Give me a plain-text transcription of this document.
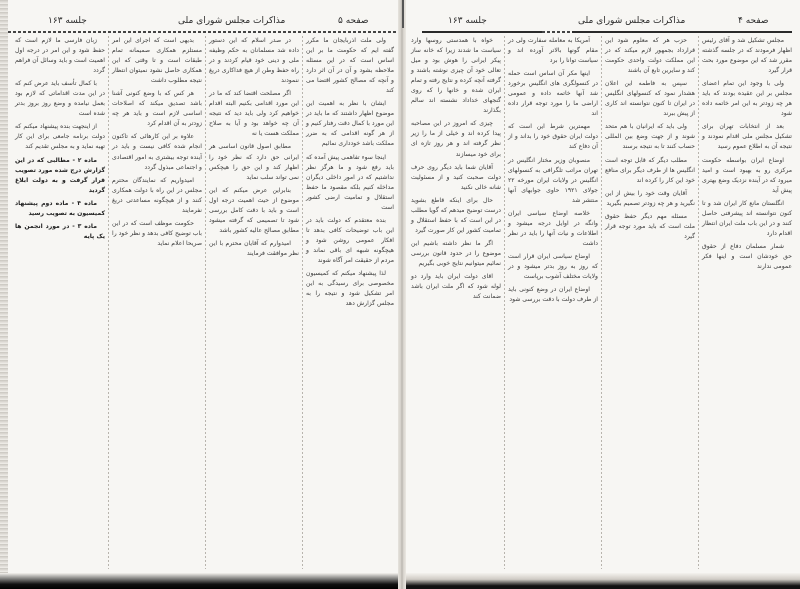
جلسه ۱۶۳	مذاکرات مجلس شورای ملی	صفحه ۵

زبان فارسی ما لازم است که حفظ شود و این امر در درجه اول اهمیت است و باید وسائل آن فراهم گردد

با کمال تأسف باید عرض کنم که در این مدت اقداماتی که لازم بود بعمل نیامده و وضع روز بروز بدتر شده است

از اینجهت بنده پیشنهاد میکنم که دولت برنامه جامعی برای این کار تهیه نماید و به مجلس تقدیم کند

ماده ۲ - مطالبی که در این گزارش درج شده مورد تصویب قرار گرفت و به دولت ابلاغ گردید

ماده ۴ - ماده دوم پیشنهاد کمیسیون به تصویب رسید

ماده ۳ - در مورد انجمن ها یک پایه

بدیهی است که اجرای این امر مستلزم همکاری صمیمانه تمام طبقات است و تا وقتی که این همکاری حاصل نشود نمیتوان انتظار نتیجه مطلوب داشت

هر کس که با وضع کنونی آشنا باشد تصدیق میکند که اصلاحات اساسی لازم است و باید هر چه زودتر به آن اقدام کرد

علاوه بر این کارهائی که تاکنون انجام شده کافی نیست و باید در آینده توجه بیشتری به امور اقتصادی و اجتماعی مبذول گردد

امیدواریم که نمایندگان محترم مجلس در این راه با دولت همکاری کنند و از هیچگونه مساعدتی دریغ نفرمایند

حکومت موظف است که در این باب توضیح کافی بدهد و نظر خود را صریحا اعلام نماید

در صدر اسلام که این دستور داده شد مسلمانان به حکم وظیفه ملی و دینی خود قیام کردند و در راه حفظ وطن از هیچ فداکاری دریغ ننمودند

اگر مصلحت اقتضا کند که ما در این مورد اقدامی بکنیم البته اقدام خواهیم کرد ولی باید دید که نتیجه آن چه خواهد بود و آیا به صلاح مملکت هست یا نه

مطابق اصول قانون اساسی هر ایرانی حق دارد که نظر خود را اظهار کند و این حق را هیچکس نمی تواند سلب نماید

بنابراین عرض میکنم که این موضوع از حیث اهمیت درجه اول است و باید با دقت کامل بررسی شود تا تصمیمی که گرفته میشود مطابق مصالح عالیه کشور باشد

امیدوارم که آقایان محترم با این نظر موافقت فرمایند

ولی ملت اذربایجان ما مکرر گفته ایم که حکومت ما بر این اساس است که در این مسئله ملاحظه بشود و آن در آن اثر دارد و آنچه که مصالح کشور اقتضا می کند

ایشان با نظر به اهمیت این موضوع اظهار داشتند که ما باید در این مورد با کمال دقت رفتار کنیم و از هر گونه اقدامی که به ضرر مملکت باشد خودداری نمائیم

اینجا سوء تفاهمی پیش آمده که باید رفع شود و ما هرگز نظر نداشتیم که در امور داخلی دیگران مداخله کنیم بلکه مقصود ما حفظ استقلال و تمامیت ارضی کشور است

بنده معتقدم که دولت باید در این باب توضیحات کافی بدهد تا افکار عمومی روشن شود و هیچگونه شبهه ای باقی نماند و مردم از حقیقت امر آگاه شوند

لذا پیشنهاد میکنم که کمیسیون مخصوصی برای رسیدگی به این امر تشکیل شود و نتیجه را به مجلس گزارش دهد

جلسه ۱۶۳	مذاکرات مجلس شورای ملی	صفحه ۴

خواه با همدستی روسها وارد سیاست ما شدند زیرا که خانه ساز پیکر ایرانی را هوش بود و میل تعالی خود آن چیزی نوشته باشند و گرفته آنچه کرده و نتایج رفته و تمام ایران شده و خانها را که روی گنجهای خداداد نشسته اند سالم بگذارند

چیزی که امروز در این مصاحبه پیدا کرده اند و خیلی از ما را زیر نظر گرفته اند و هر روز تازه ای برای خود میسازند

آقایان شما باید دیگر روی حرف دولت صحبت کنید و از مسئولیت شانه خالی نکنید

حال برای اینکه قاطع بشوید درست توضیح میدهم که گویا مطلب در این است که با حفظ استقلال و تمامیت کشور این کار صورت گیرد

اگر ما نظر داشته باشیم این موضوع را در حدود قانون بررسی نمائیم میتوانیم نتایج خوبی بگیریم

اقای دولت ایران باید وارد دو لوله شود که اگر ملت ایران باشد ضمانت کند

آمریکا به معامله سفارت ولی در مقام گونها بالاتر آورده اند و سیاست توانا را برد

اینها مکر آن اساس است حمله در کنسولگری های انگلیس برخورد شد آنها خاتمه داده و عمومی اراضی ما را مورد توجه قرار داده اند

مهمترین شرط این است که دولت ایران حقوق خود را بداند و از آن دفاع کند

منصوبان وزیر مختار انگلیس در تهران مراتب تلگرافی به کنسولهای انگلیس در ولایات ایران مورخه ۲۲ جولای ۱۹۲۱ حاوی جوابهای آنها منتشر شد

خلاصه اوضاع سیاسی ایران وانگه در اوایل درجه میشود و اطلاعات و نیات آنها را باید در نظر داشت

اوضاع سیاسی ایران قرار است که روز به روز بدتر میشود و در ولایات مختلف آشوب برپاست

اوضاع ایران در وضع کنونی باید از طرف دولت با دقت بررسی شود

حزب هر که معلوم شود این قرارداد بجمهور لازم میکند که در این مملکت دولت واحدی حکومت کند و سایرین تابع آن باشند

سپس به فاطمه این اعلان هشدار نمود که کنسولهای انگلیس در ایران تا کنون نتوانسته اند کاری از پیش ببرند

ولی باید که ایرانیان با هم متحد شوند و از جهت وضع بین المللی حساب کنند تا به نتیجه برسند

مطلب دیگر که قابل توجه است انگلیس ها از طرف دیگر برای منافع خود این کار را کرده اند

آقایان وقت خود را بیش از این نگیرید و هر چه زودتر تصمیم بگیرید

مسئله مهم دیگر حفظ حقوق ملت است که باید مورد توجه قرار گیرد

مجلس تشکیل شد و آقای رئیس اظهار فرمودند که در جلسه گذشته مقرر شد که این موضوع مورد بحث قرار گیرد

ولی با وجود این تمام اعضای مجلس بر این عقیده بودند که باید هر چه زودتر به این امر خاتمه داده شود

بعد از انتخابات تهران برای تشکیل مجلس ملی اقدام نمودند و نتیجه آن به اطلاع عموم رسید

اوضاع ایران بواسطه حکومت مرکزی رو به بهبود است و امید میرود که در آینده نزدیک وضع بهتری پیش آید

انگلستان مانع کار ایران شد و تا کنون نتوانسته اند پیشرفتی حاصل کنند و در این باب ملت ایران انتظار اقدام دارد

شمار مسلمان دفاع از حقوق حق خودشان است و اینها فکر عمومی ندارند
